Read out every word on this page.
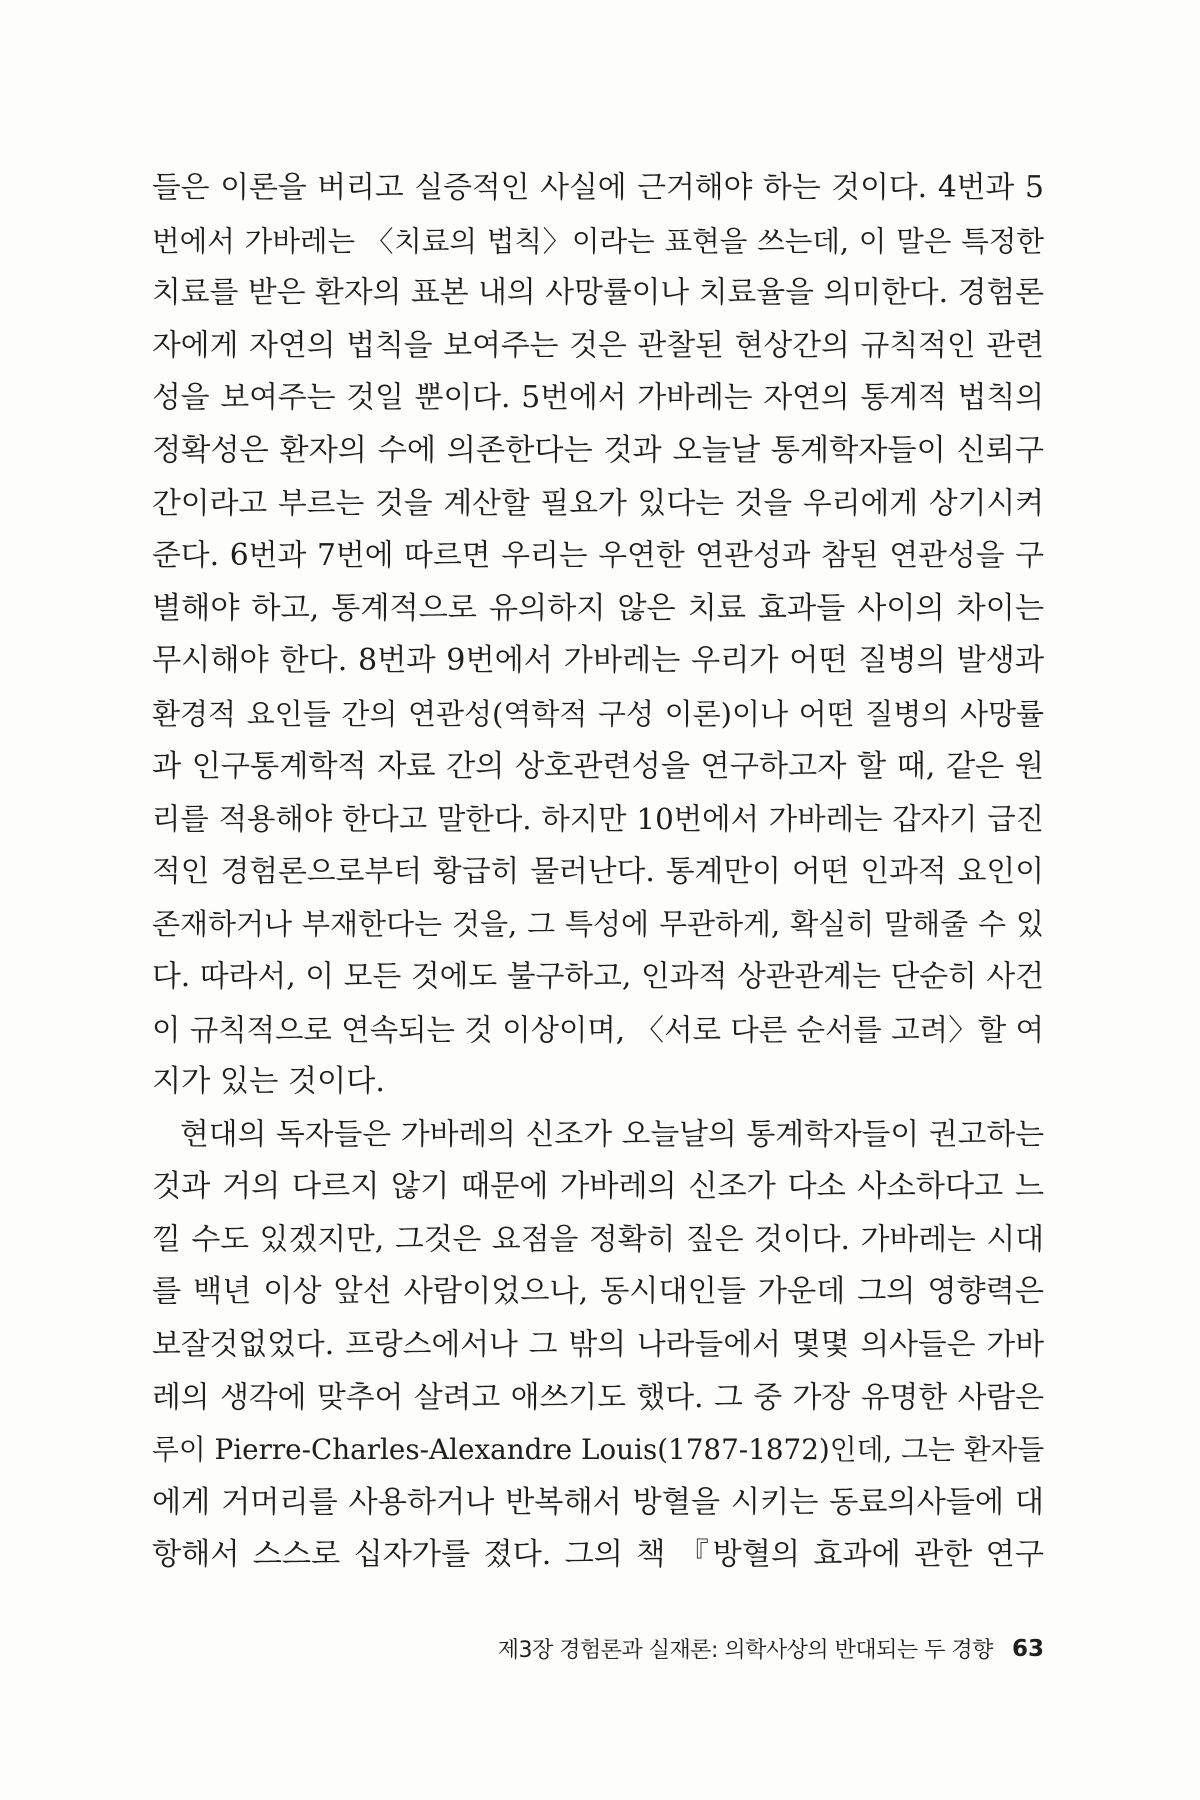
들은 이론을 버리고 실증적인 사실에 근거해야 하는 것이다. 4번과 5
번에서 가바레는 〈치료의 법칙〉이라는 표현을 쓰는데, 이 말은 특정한
치료를 받은 환자의 표본 내의 사망률이나 치료율을 의미한다. 경험론
자에게 자연의 법칙을 보여주는 것은 관찰된 현상간의 규칙적인 관련
성을 보여주는 것일 뿐이다. 5번에서 가바레는 자연의 통계적 법칙의
정확성은 환자의 수에 의존한다는 것과 오늘날 통계학자들이 신뢰구
간이라고 부르는 것을 계산할 필요가 있다는 것을 우리에게 상기시켜
준다. 6번과 7번에 따르면 우리는 우연한 연관성과 참된 연관성을 구
별해야 하고, 통계적으로 유의하지 않은 치료 효과들 사이의 차이는
무시해야 한다. 8번과 9번에서 가바레는 우리가 어떤 질병의 발생과
환경적 요인들 간의 연관성(역학적 구성 이론)이나 어떤 질병의 사망률
과 인구통계학적 자료 간의 상호관련성을 연구하고자 할 때, 같은 원
리를 적용해야 한다고 말한다. 하지만 10번에서 가바레는 갑자기 급진
적인 경험론으로부터 황급히 물러난다. 통계만이 어떤 인과적 요인이
존재하거나 부재한다는 것을, 그 특성에 무관하게, 확실히 말해줄 수 있
다. 따라서, 이 모든 것에도 불구하고, 인과적 상관관계는 단순히 사건
이 규칙적으로 연속되는 것 이상이며, 〈서로 다른 순서를 고려〉할 여
지가 있는 것이다.
현대의 독자들은 가바레의 신조가 오늘날의 통계학자들이 권고하는
것과 거의 다르지 않기 때문에 가바레의 신조가 다소 사소하다고 느
낄 수도 있겠지만, 그것은 요점을 정확히 짚은 것이다. 가바레는 시대
를 백년 이상 앞선 사람이었으나, 동시대인들 가운데 그의 영향력은
보잘것없었다. 프랑스에서나 그 밖의 나라들에서 몇몇 의사들은 가바
레의 생각에 맞추어 살려고 애쓰기도 했다. 그 중 가장 유명한 사람은
루이 Pierre-Charles-Alexandre Louis(1787-1872)인데, 그는 환자들
에게 거머리를 사용하거나 반복해서 방혈을 시키는 동료의사들에 대
항해서 스스로 십자가를 졌다. 그의 책 『방혈의 효과에 관한 연구
제3장 경험론과 실재론: 의학사상의 반대되는 두 경향 63
